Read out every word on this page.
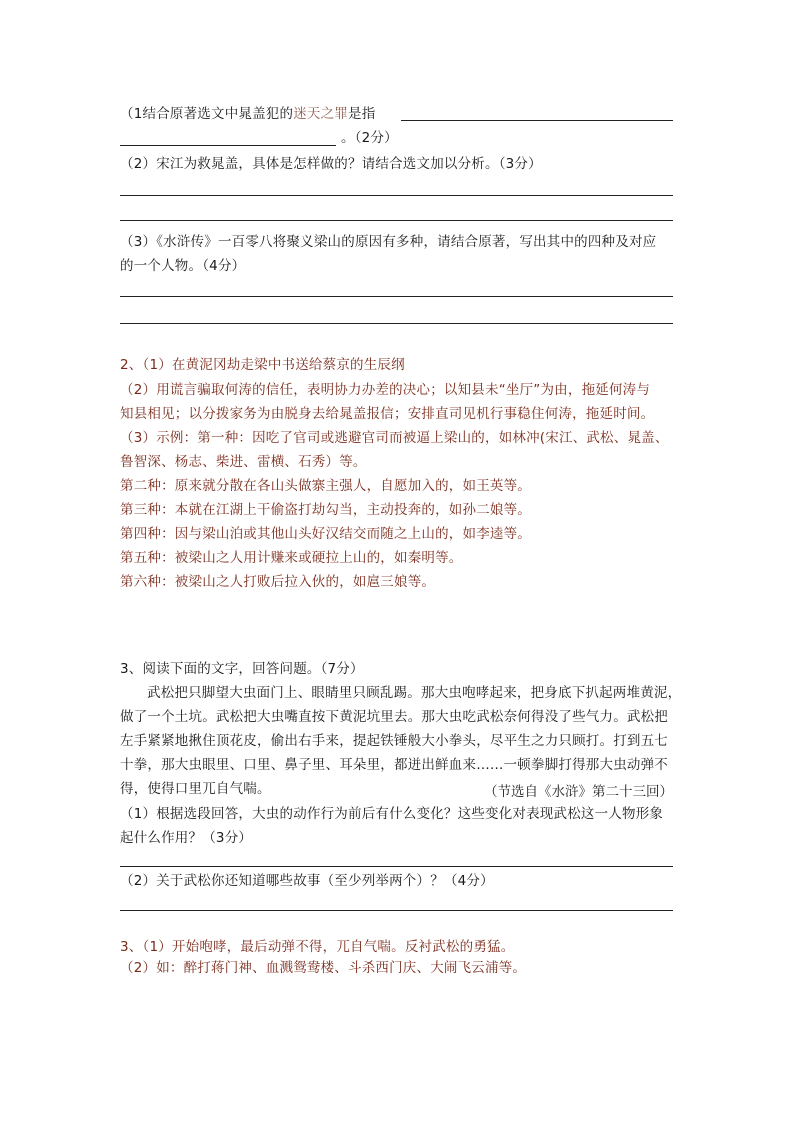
（1结合原著选文中晁盖犯的迷天之罪是指
。（2分）
（2）宋江为救晁盖，具体是怎样做的？请结合选文加以分析。（3分）
（3）《水浒传》一百零八将聚义梁山的原因有多种，请结合原著，写出其中的四种及对应
的一个人物。（4分）
2、（1）在黄泥冈劫走梁中书送给蔡京的生辰纲
（2）用谎言骗取何涛的信任，表明协力办差的决心；以知县未“坐厅”为由，拖延何涛与
知县相见；以分拨家务为由脱身去给晁盖报信；安排直司见机行事稳住何涛，拖延时间。
（3）示例：第一种：因吃了官司或逃避官司而被逼上梁山的，如林冲(宋江、武松、晁盖、
鲁智深、杨志、柴进、雷横、石秀）等。
第二种：原来就分散在各山头做寨主强人，自愿加入的，如王英等。
第三种：本就在江湖上干偷盗打劫勾当，主动投奔的，如孙二娘等。
第四种：因与梁山泊或其他山头好汉结交而随之上山的，如李逵等。
第五种：被梁山之人用计赚来或硬拉上山的，如秦明等。
第六种：被梁山之人打败后拉入伙的，如扈三娘等。
3、阅读下面的文字，回答问题。（7分）
武松把只脚望大虫面门上、眼睛里只顾乱踢。那大虫咆哮起来，把身底下扒起两堆黄泥，
做了一个土坑。武松把大虫嘴直按下黄泥坑里去。那大虫吃武松奈何得没了些气力。武松把
左手紧紧地揪住顶花皮，偷出右手来，提起铁锤般大小拳头，尽平生之力只顾打。打到五七
十拳，那大虫眼里、口里、鼻子里、耳朵里，都迸出鲜血来……一顿拳脚打得那大虫动弹不
得，使得口里兀自气喘。	（节选自《水浒》第二十三回）
（1）根据选段回答，大虫的动作行为前后有什么变化？这些变化对表现武松这一人物形象
起什么作用？（3分）
（2）关于武松你还知道哪些故事（至少列举两个）？（4分）
3、（1）开始咆哮，最后动弹不得，兀自气喘。反衬武松的勇猛。
（2）如：醉打蒋门神、血溅鸳鸯楼、斗杀西门庆、大闹飞云浦等。
